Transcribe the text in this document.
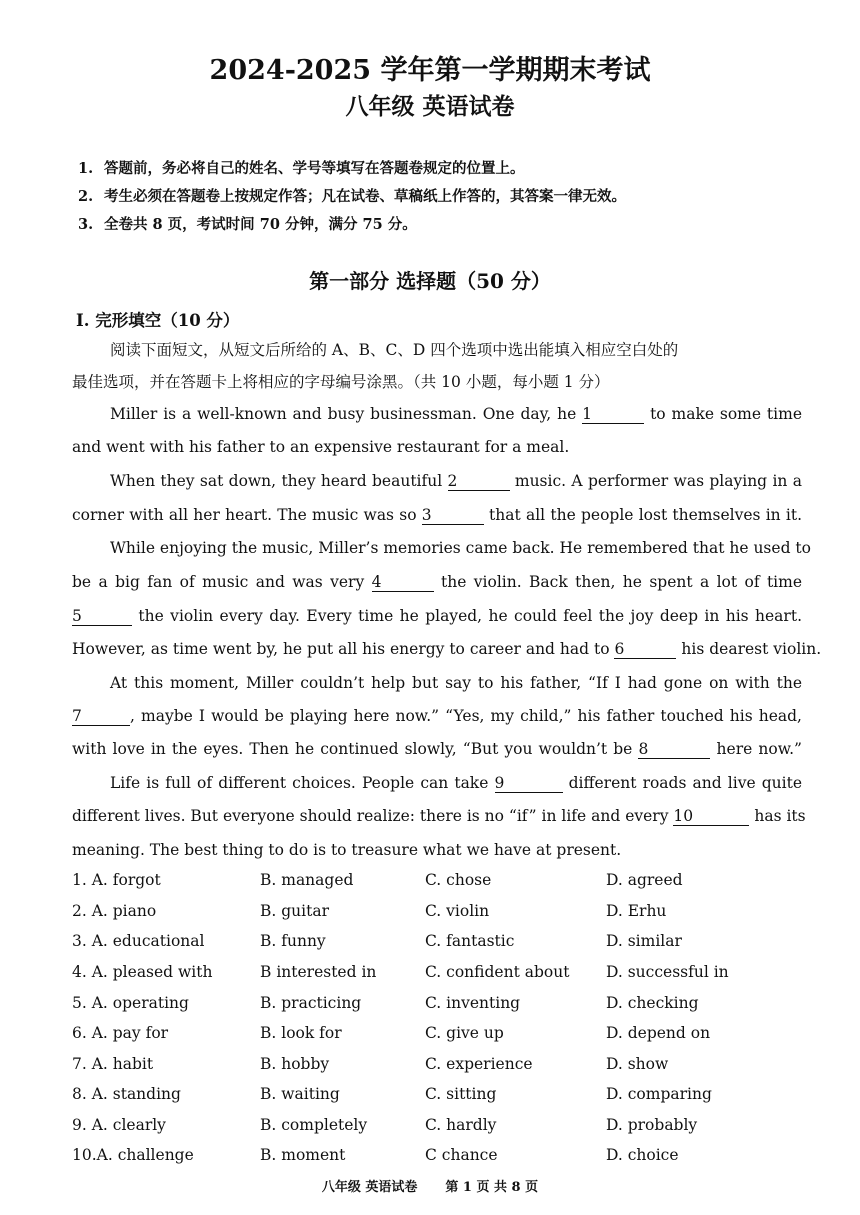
2024-2025 学年第一学期期末考试
八年级 英语试卷
1. 答题前，务必将自己的姓名、学号等填写在答题卷规定的位置上。
2. 考生必须在答题卷上按规定作答；凡在试卷、草稿纸上作答的，其答案一律无效。
3. 全卷共 8 页，考试时间 70 分钟，满分 75 分。
第一部分 选择题（50 分）
I. 完形填空（10 分）
阅读下面短文，从短文后所给的 A、B、C、D 四个选项中选出能填入相应空白处的
最佳选项，并在答题卡上将相应的字母编号涂黑。（共 10 小题，每小题 1 分）
Miller is a well-known and busy businessman. One day, he 1	to make some time
and went with his father to an expensive restaurant for a meal.
When they sat down, they heard beautiful 2	music. A performer was playing in a
corner with all her heart. The music was so 3	that all the people lost themselves in it.
While enjoying the music, Miller’s memories came back. He remembered that he used to
be a big fan of music and was very 4	the violin. Back then, he spent a lot of time
5	the violin every day. Every time he played, he could feel the joy deep in his heart.
However, as time went by, he put all his energy to career and had to 6	his dearest violin.
At this moment, Miller couldn’t help but say to his father, “If I had gone on with the
7	, maybe I would be playing here now.” “Yes, my child,” his father touched his head,
with love in the eyes. Then he continued slowly, “But you wouldn’t be 8	here now.”
Life is full of different choices. People can take 9	different roads and live quite
different lives. But everyone should realize: there is no “if” in life and every 10	has its
meaning. The best thing to do is to treasure what we have at present.
1. A. forgot	B. managed	C. chose	D. agreed
2. A. piano	B. guitar	C. violin	D. Erhu
3. A. educational	B. funny	C. fantastic	D. similar
4. A. pleased with	B interested in	C. confident about D. successful in
5. A. operating	B. practicing	C. inventing	D. checking
6. A. pay for	B. look for	C. give up	D. depend on
7. A. habit	B. hobby	C. experience	D. show
8. A. standing	B. waiting	C. sitting	D. comparing
9. A. clearly	B. completely	C. hardly	D. probably
10.A. challenge	B. moment	C chance	D. choice
八年级 英语试卷 第 1 页 共 8 页
